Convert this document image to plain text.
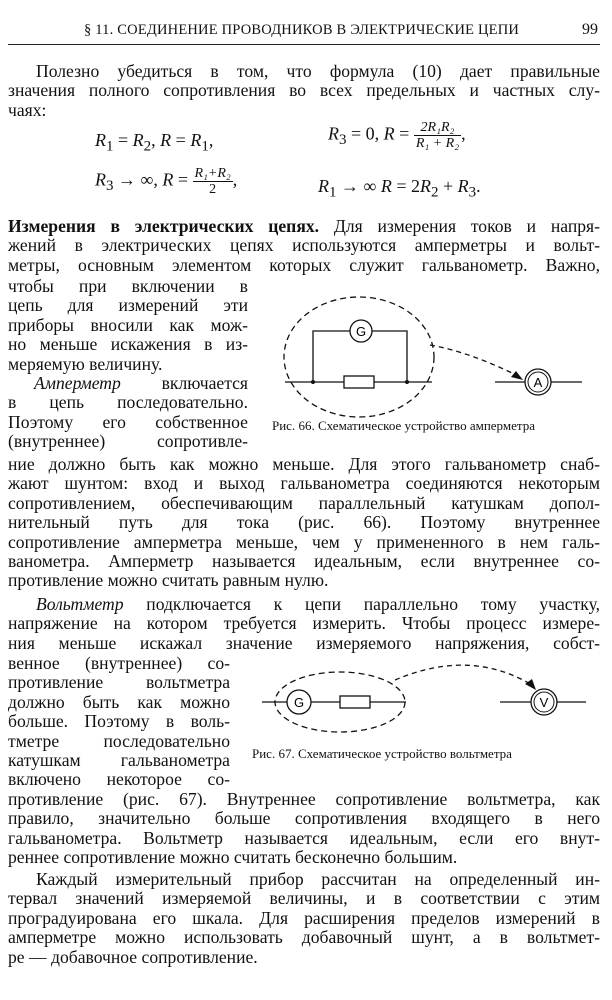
§ 11. СОЕДИНЕНИЕ ПРОВОДНИКОВ В ЭЛЕКТРИЧЕСКИЕ ЦЕПИ	99
Полезно убедиться в том, что формула (10) дает правильные
значения полного сопротивления во всех предельных и частных слу-
чаях:
$R_1 = R_2$, $R = R_1$,	$R_3 = 0$, $R = \frac{\text{2R₁R₂}}{\text{R₁ + R₂}}$ ,
$R_3$ → ∞, $R = \frac{\text{R₁+R₂}}{2}$ ,	$R_1$ → ∞ $R = 2R_2 + R_3$.
Измерения в электрических цепях. Для измерения токов и напря-
жений в электрических цепях используются амперметры и вольт-
метры, основным элементом которых служит гальванометр. Важно,
чтобы при включении в
цепь для измерений эти
приборы вносили как мож-
но меньше искажения в из-
меряемую величину.
Амперметр включается
в цепь последовательно.
Поэтому его собственное
(внутреннее) сопротивле-
G
A
G	V
Рис. 66. Схематическое устройство амперметра
ние должно быть как можно меньше. Для этого гальванометр снаб-
жают шунтом: вход и выход гальванометра соединяются некоторым
сопротивлением, обеспечивающим параллельный катушкам допол-
нительный путь для тока (рис. 66). Поэтому внутреннее
сопротивление амперметра меньше, чем у примененного в нем галь-
ванометра. Амперметр называется идеальным, если внутреннее со-
противление можно считать равным нулю.
Вольтметр подключается к цепи параллельно тому участку,
напряжение на котором требуется измерить. Чтобы процесс измере-
ния меньше искажал значение измеряемого напряжения, собст-
венное (внутреннее) со-
противление вольтметра
должно быть как можно
больше. Поэтому в воль-
тметре последовательно
катушкам гальванометра
включено некоторое со-
Рис. 67. Схематическое устройство вольтметра
противление (рис. 67). Внутреннее сопротивление вольтметра, как
правило, значительно больше сопротивления входящего в него
гальванометра. Вольтметр называется идеальным, если его внут-
реннее сопротивление можно считать бесконечно большим.
Каждый измерительный прибор рассчитан на определенный ин-
тервал значений измеряемой величины, и в соответствии с этим
проградуирована его шкала. Для расширения пределов измерений в
амперметре можно использовать добавочный шунт, а в вольтмет-
ре — добавочное сопротивление.
